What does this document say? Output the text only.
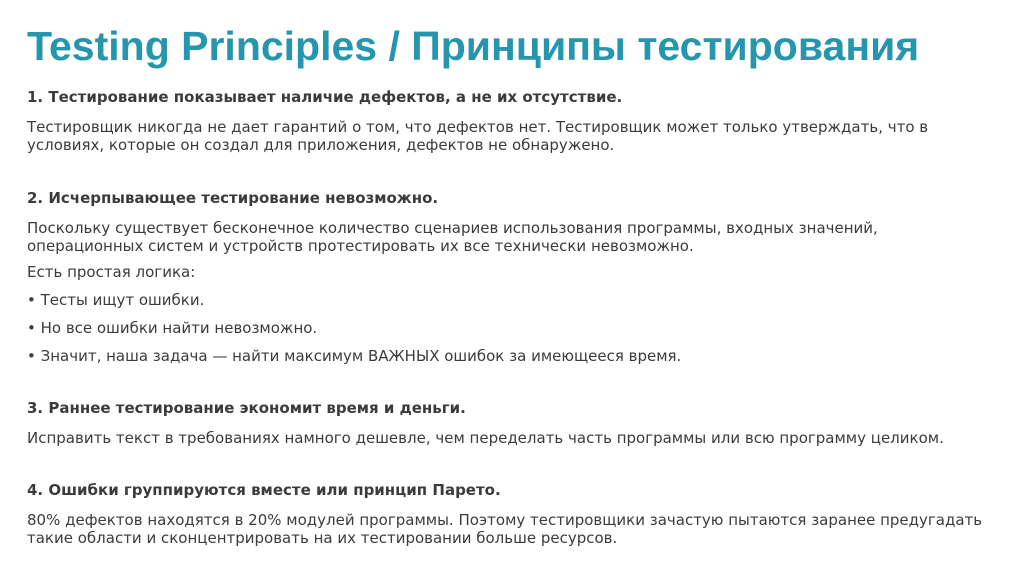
Testing Principles / Принципы тестирования

1. Тестирование показывает наличие дефектов, а не их отсутствие.

Тестировщик никогда не дает гарантий о том, что дефектов нет. Тестировщик может только утверждать, что в

условиях, которые он создал для приложения, дефектов не обнаружено.

2. Исчерпывающее тестирование невозможно.

Поскольку существует бесконечное количество сценариев использования программы, входных значений,

операционных систем и устройств протестировать их все технически невозможно.

Есть простая логика:

• Тесты ищут ошибки.

• Но все ошибки найти невозможно.

• Значит, наша задача — найти максимум ВАЖНЫХ ошибок за имеющееся время.

3. Раннее тестирование экономит время и деньги.

Исправить текст в требованиях намного дешевле, чем переделать часть программы или всю программу целиком.

4. Ошибки группируются вместе или принцип Парето.

80% дефектов находятся в 20% модулей программы. Поэтому тестировщики зачастую пытаются заранее предугадать

такие области и сконцентрировать на их тестировании больше ресурсов.
